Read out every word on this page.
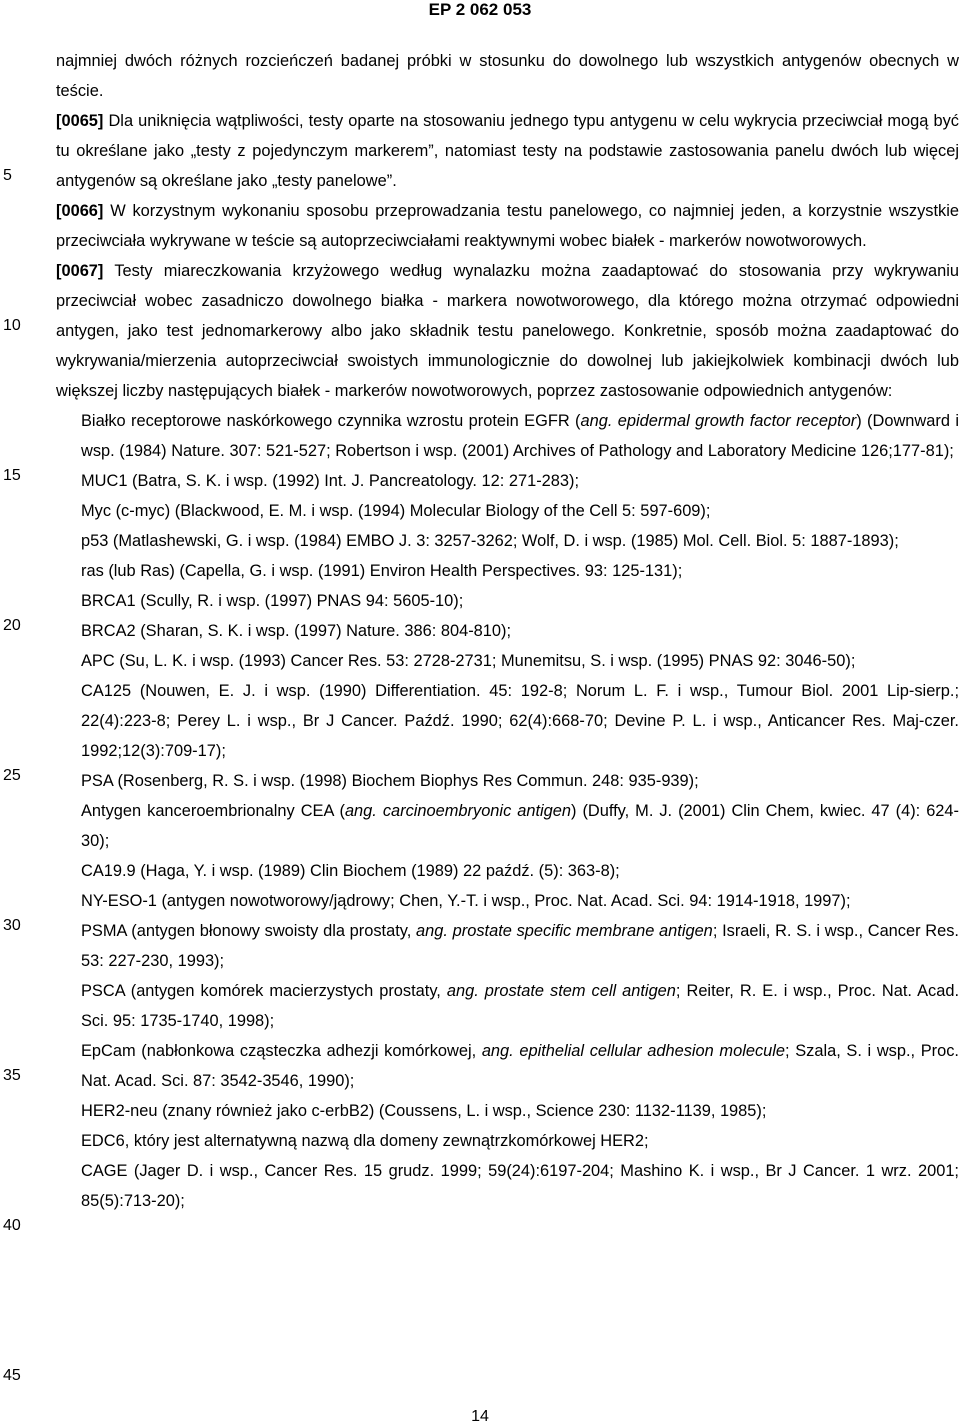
EP 2 062 053
5
10
15
20
25
30
35
40
45

najmniej dwóch różnych rozcieńczeń badanej próbki w stosunku do dowolnego lub wszystkich antygenów obecnych w teście.

[0065] Dla uniknięcia wątpliwości, testy oparte na stosowaniu jednego typu antygenu w celu wykrycia przeciwciał mogą być tu określane jako „testy z pojedynczym markerem”, natomiast testy na podstawie zastosowania panelu dwóch lub więcej antygenów są określane jako „testy panelowe”.

[0066] W korzystnym wykonaniu sposobu przeprowadzania testu panelowego, co najmniej jeden, a korzystnie wszystkie przeciwciała wykrywane w teście są autoprzeciwciałami reaktywnymi wobec białek - markerów nowotworowych.

[0067] Testy miareczkowania krzyżowego według wynalazku można zaadaptować do stosowania przy wykrywaniu przeciwciał wobec zasadniczo dowolnego białka - markera nowotworowego, dla którego można otrzymać odpowiedni antygen, jako test jednomarkerowy albo jako składnik testu panelowego. Konkretnie, sposób można zaadaptować do wykrywania/mierzenia autoprzeciwciał swoistych immunologicznie do dowolnej lub jakiejkolwiek kombinacji dwóch lub większej liczby następujących białek - markerów nowotworowych, poprzez zastosowanie odpowiednich antygenów:

Białko receptorowe naskórkowego czynnika wzrostu protein EGFR (ang. epidermal growth factor receptor) (Downward i wsp. (1984) Nature. 307: 521-527; Robertson i wsp. (2001) Archives of Pathology and Laboratory Medicine 126;177-81);
MUC1 (Batra, S. K. i wsp. (1992) Int. J. Pancreatology. 12: 271-283);
Myc (c-myc) (Blackwood, E. M. i wsp. (1994) Molecular Biology of the Cell 5: 597-609);
p53 (Matlashewski, G. i wsp. (1984) EMBO J. 3: 3257-3262; Wolf, D. i wsp. (1985) Mol. Cell. Biol. 5: 1887-1893);
ras (lub Ras) (Capella, G. i wsp. (1991) Environ Health Perspectives. 93: 125-131);
BRCA1 (Scully, R. i wsp. (1997) PNAS 94: 5605-10);
BRCA2 (Sharan, S. K. i wsp. (1997) Nature. 386: 804-810);
APC (Su, L. K. i wsp. (1993) Cancer Res. 53: 2728-2731; Munemitsu, S. i wsp. (1995) PNAS 92: 3046-50);
CA125 (Nouwen, E. J. i wsp. (1990) Differentiation. 45: 192-8; Norum L. F. i wsp., Tumour Biol. 2001 Lip-sierp.; 22(4):223-8; Perey L. i wsp., Br J Cancer. Paźdź. 1990; 62(4):668-70; Devine P. L. i wsp., Anticancer Res. Maj-czer. 1992;12(3):709-17);
PSA (Rosenberg, R. S. i wsp. (1998) Biochem Biophys Res Commun. 248: 935-939);
Antygen kanceroembrionalny CEA (ang. carcinoembryonic antigen) (Duffy, M. J. (2001) Clin Chem, kwiec. 47 (4): 624-30);
CA19.9 (Haga, Y. i wsp. (1989) Clin Biochem (1989) 22 paźdź. (5): 363-8);
NY-ESO-1 (antygen nowotworowy/jądrowy; Chen, Y.-T. i wsp., Proc. Nat. Acad. Sci. 94: 1914-1918, 1997);
PSMA (antygen błonowy swoisty dla prostaty, ang. prostate specific membrane antigen; Israeli, R. S. i wsp., Cancer Res. 53: 227-230, 1993);
PSCA (antygen komórek macierzystych prostaty, ang. prostate stem cell antigen; Reiter, R. E. i wsp., Proc. Nat. Acad. Sci. 95: 1735-1740, 1998);
EpCam (nabłonkowa cząsteczka adhezji komórkowej, ang. epithelial cellular adhesion molecule; Szala, S. i wsp., Proc. Nat. Acad. Sci. 87: 3542-3546, 1990);
HER2-neu (znany również jako c-erbB2) (Coussens, L. i wsp., Science 230: 1132-1139, 1985);
EDC6, który jest alternatywną nazwą dla domeny zewnątrzkomórkowej HER2;
CAGE (Jager D. i wsp., Cancer Res. 15 grudz. 1999; 59(24):6197-204; Mashino K. i wsp., Br J Cancer. 1 wrz. 2001; 85(5):713-20);
14
